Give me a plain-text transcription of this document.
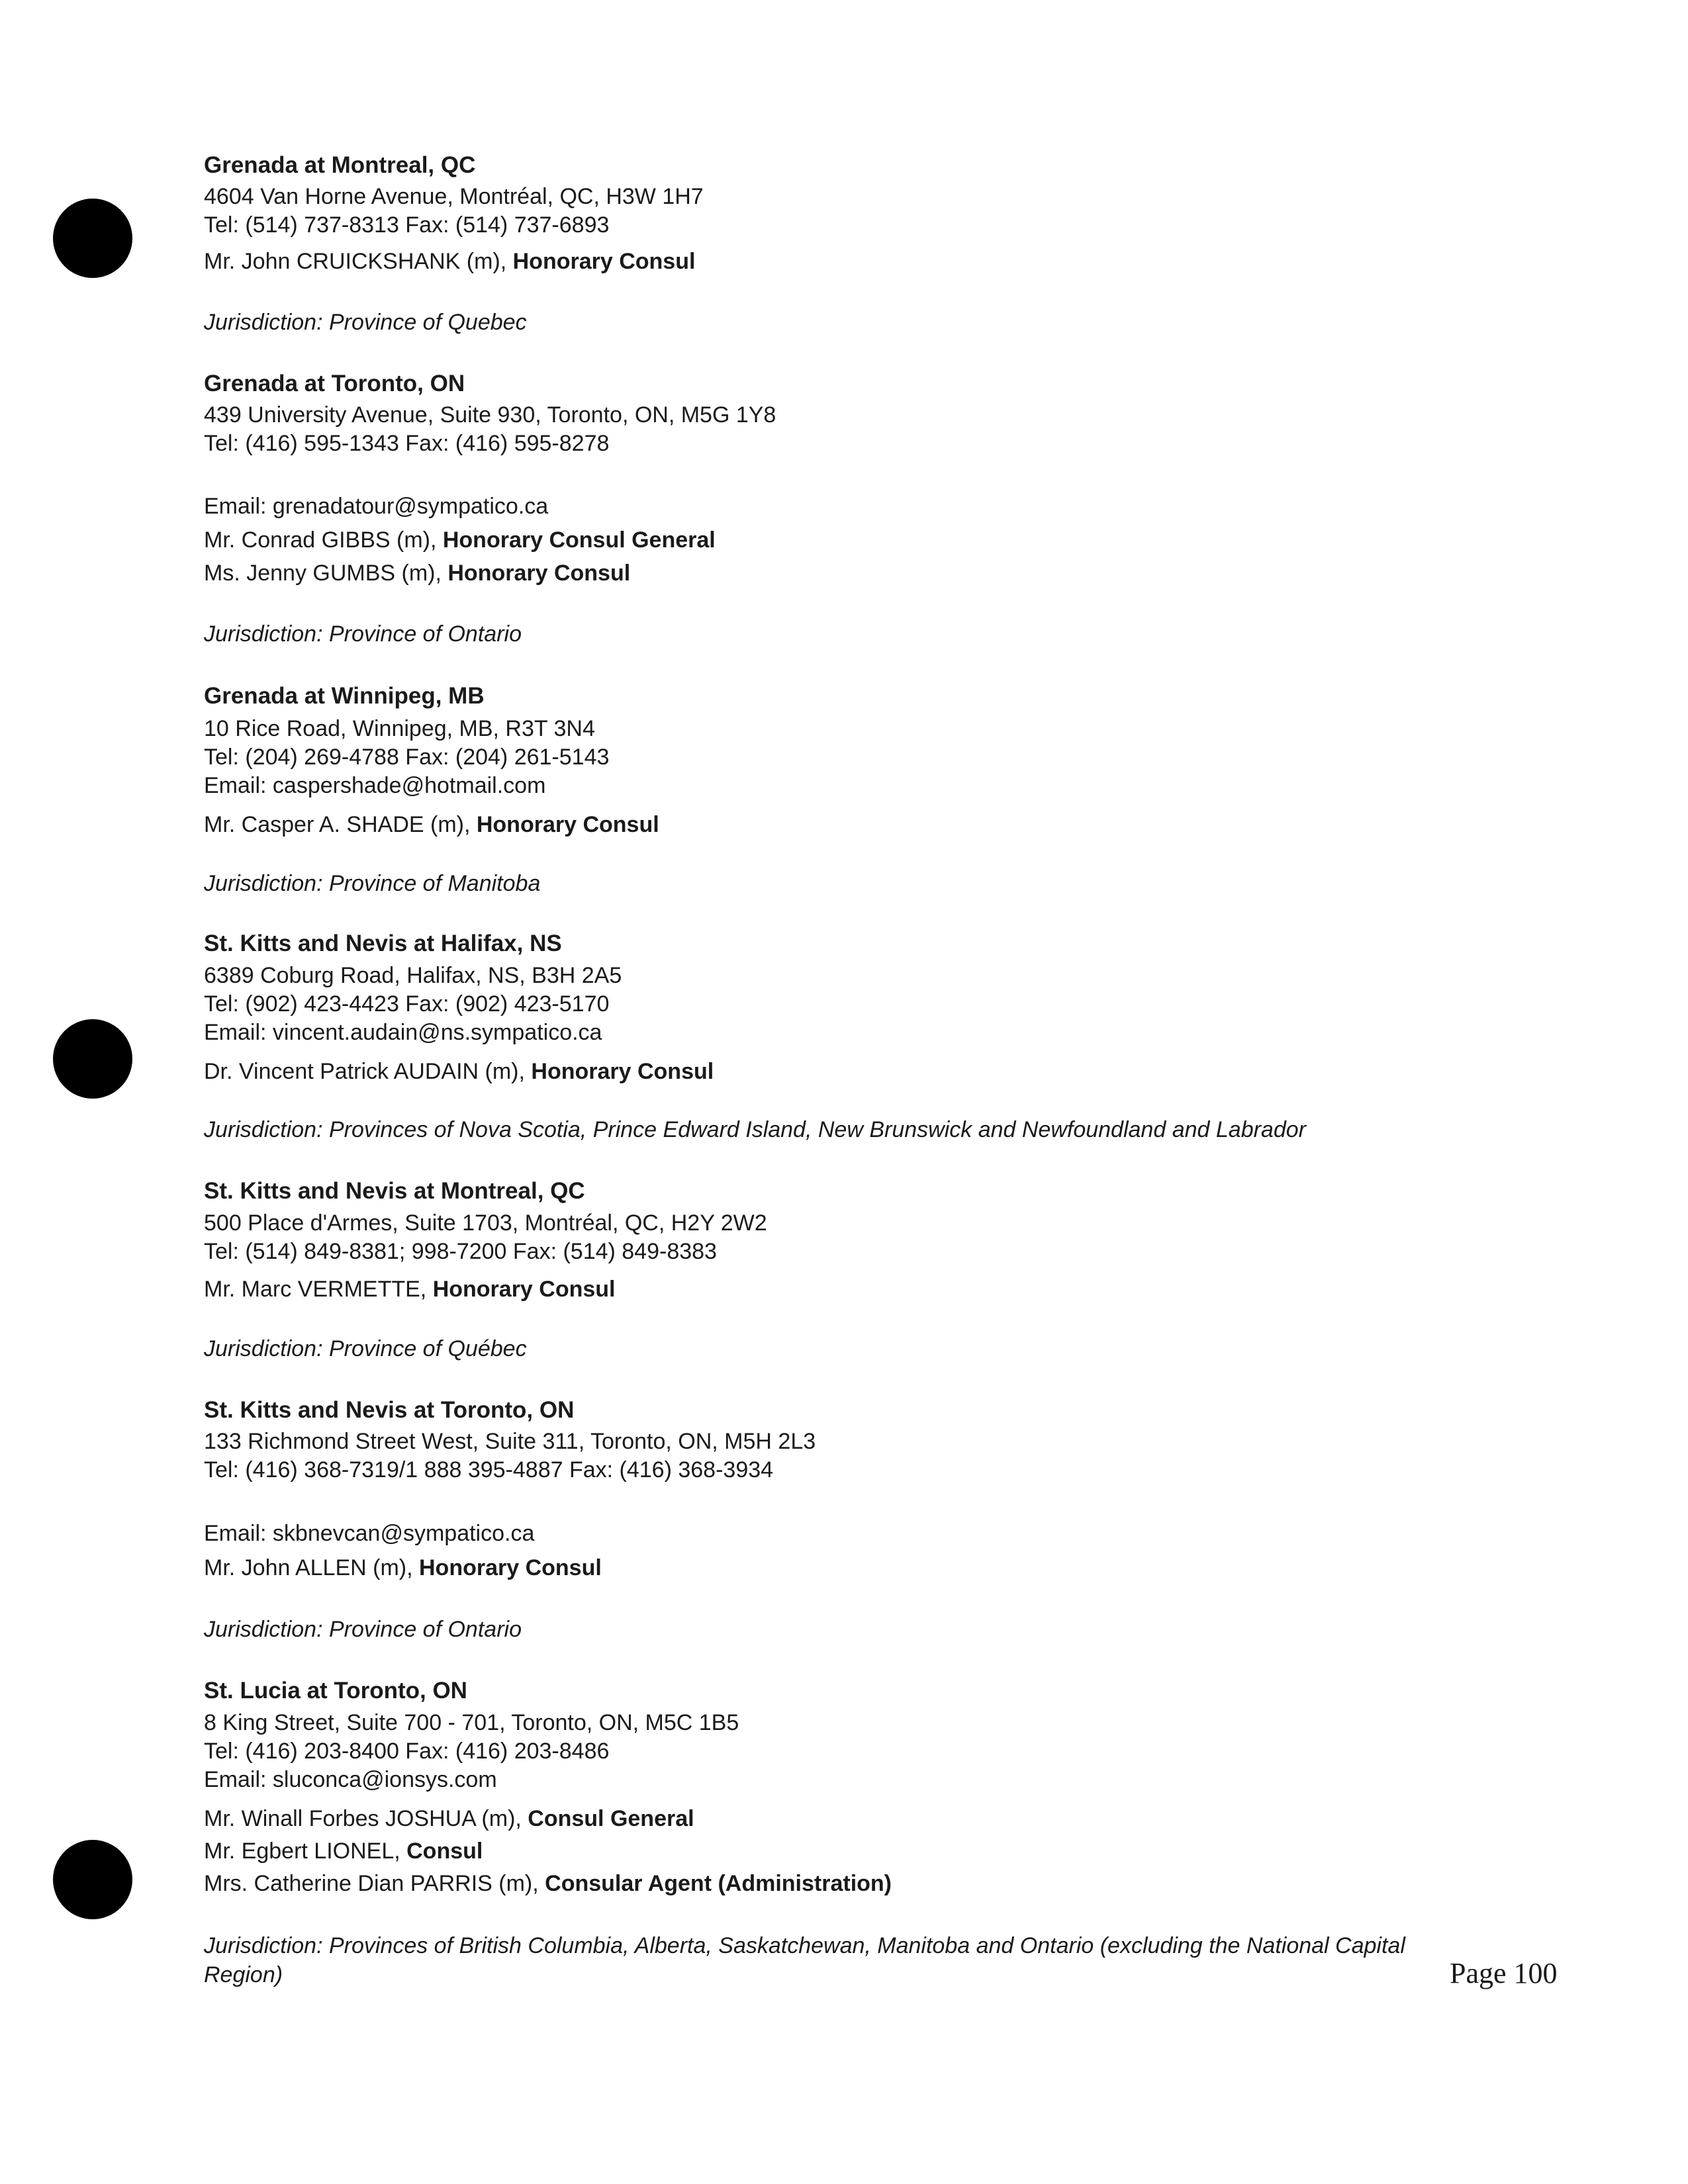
Grenada at Montreal, QC
4604 Van Horne Avenue, Montréal, QC, H3W 1H7
Tel: (514) 737-8313 Fax: (514) 737-6893
Mr. John CRUICKSHANK (m), Honorary Consul
Jurisdiction: Province of Quebec
Grenada at Toronto, ON
439 University Avenue, Suite 930, Toronto, ON, M5G 1Y8
Tel: (416) 595-1343 Fax: (416) 595-8278
Email: grenadatour@sympatico.ca
Mr. Conrad GIBBS (m), Honorary Consul General
Ms. Jenny GUMBS (m), Honorary Consul
Jurisdiction: Province of Ontario
Grenada at Winnipeg, MB
10 Rice Road, Winnipeg, MB, R3T 3N4
Tel: (204) 269-4788 Fax: (204) 261-5143
Email: caspershade@hotmail.com
Mr. Casper A. SHADE (m), Honorary Consul
Jurisdiction: Province of Manitoba
St. Kitts and Nevis at Halifax, NS
6389 Coburg Road, Halifax, NS, B3H 2A5
Tel: (902) 423-4423 Fax: (902) 423-5170
Email: vincent.audain@ns.sympatico.ca
Dr. Vincent Patrick AUDAIN (m), Honorary Consul
Jurisdiction: Provinces of Nova Scotia, Prince Edward Island, New Brunswick and Newfoundland and Labrador
St. Kitts and Nevis at Montreal, QC
500 Place d'Armes, Suite 1703, Montréal, QC, H2Y 2W2
Tel: (514) 849-8381; 998-7200 Fax: (514) 849-8383
Mr. Marc VERMETTE, Honorary Consul
Jurisdiction: Province of Québec
St. Kitts and Nevis at Toronto, ON
133 Richmond Street West, Suite 311, Toronto, ON, M5H 2L3
Tel: (416) 368-7319/1 888 395-4887 Fax: (416) 368-3934
Email: skbnevcan@sympatico.ca
Mr. John ALLEN (m), Honorary Consul
Jurisdiction: Province of Ontario
St. Lucia at Toronto, ON
8 King Street, Suite 700 - 701, Toronto, ON, M5C 1B5
Tel: (416) 203-8400 Fax: (416) 203-8486
Email: sluconca@ionsys.com
Mr. Winall Forbes JOSHUA (m), Consul General
Mr. Egbert LIONEL, Consul
Mrs. Catherine Dian PARRIS (m), Consular Agent (Administration)
Jurisdiction: Provinces of British Columbia, Alberta, Saskatchewan, Manitoba and Ontario (excluding the National Capital Region)	Page 100
